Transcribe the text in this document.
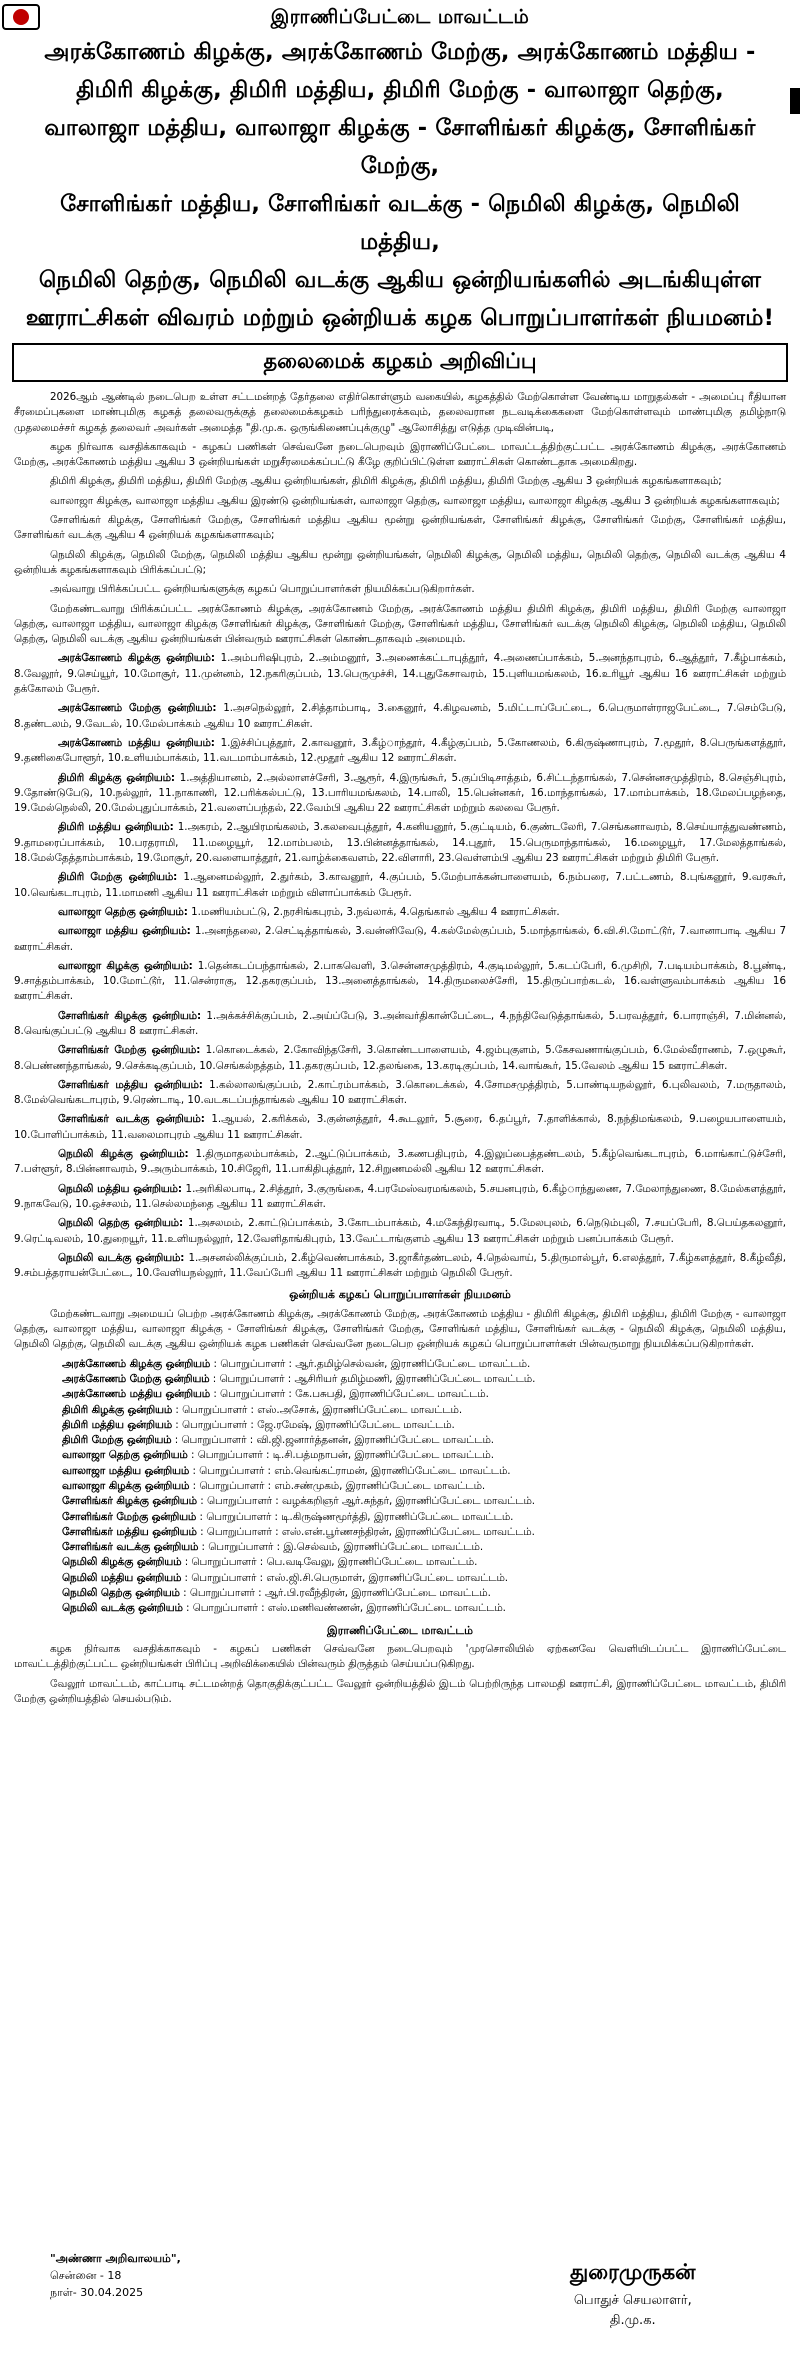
இராணிப்பேட்டை மாவட்டம்
அரக்கோணம் கிழக்கு, அரக்கோணம் மேற்கு, அரக்கோணம் மத்திய -
திமிரி கிழக்கு, திமிரி மத்திய, திமிரி மேற்கு - வாலாஜா தெற்கு,
வாலாஜா மத்திய, வாலாஜா கிழக்கு - சோளிங்கர் கிழக்கு, சோளிங்கர் மேற்கு,
சோளிங்கர் மத்திய, சோளிங்கர் வடக்கு - நெமிலி கிழக்கு, நெமிலி மத்திய,
நெமிலி தெற்கு, நெமிலி வடக்கு ஆகிய ஒன்றியங்களில் அடங்கியுள்ள
ஊராட்சிகள் விவரம் மற்றும் ஒன்றியக் கழக பொறுப்பாளர்கள் நியமனம்!
தலைமைக் கழகம் அறிவிப்பு

2026ஆம் ஆண்டில் நடைபெற உள்ள சட்டமன்றத் தேர்தலை எதிர்கொள்ளும் வகையில், கழகத்தில் மேற்கொள்ள வேண்டிய மாறுதல்கள் - அமைப்பு ரீதியான சீரமைப்புகளை மாண்புமிகு கழகத் தலைவருக்குத் தலைமைக்கழகம் பரிந்துரைக்கவும், தலைவரான நடவடிக்கைகளை மேற்கொள்ளவும் மாண்புமிகு தமிழ்நாடு முதலமைச்சர் கழகத் தலைவர் அவர்கள் அமைத்த "தி.மு.க. ஒருங்கிணைப்புக்குழு" ஆலோசித்து எடுத்த முடிவின்படி,

கழக நிர்வாக வசதிக்காகவும் - கழகப் பணிகள் செவ்வனே நடைபெறவும் இராணிப்பேட்டை மாவட்டத்திற்குட்பட்ட அரக்கோணம் கிழக்கு, அரக்கோணம் மேற்கு, அரக்கோணம் மத்திய ஆகிய 3 ஒன்றியங்கள் மறுசீரமைக்கப்பட்டு கீழே குறிப்பிட்டுள்ள ஊராட்சிகள் கொண்டதாக அமைகிறது.

திமிரி கிழக்கு, திமிரி மத்திய, திமிரி மேற்கு ஆகிய ஒன்றியங்கள், திமிரி கிழக்கு, திமிரி மத்திய, திமிரி மேற்கு ஆகிய 3 ஒன்றியக் கழகங்களாகவும்;

வாலாஜா கிழக்கு, வாலாஜா மத்திய ஆகிய இரண்டு ஒன்றியங்கள், வாலாஜா தெற்கு, வாலாஜா மத்திய, வாலாஜா கிழக்கு ஆகிய 3 ஒன்றியக் கழகங்களாகவும்;

சோளிங்கர் கிழக்கு, சோளிங்கர் மேற்கு, சோளிங்கர் மத்திய ஆகிய மூன்று ஒன்றியங்கள், சோளிங்கர் கிழக்கு, சோளிங்கர் மேற்கு, சோளிங்கர் மத்திய, சோளிங்கர் வடக்கு ஆகிய 4 ஒன்றியக் கழகங்களாகவும்;

நெமிலி கிழக்கு, நெமிலி மேற்கு, நெமிலி மத்திய ஆகிய மூன்று ஒன்றியங்கள், நெமிலி கிழக்கு, நெமிலி மத்திய, நெமிலி தெற்கு, நெமிலி வடக்கு ஆகிய 4 ஒன்றியக் கழகங்களாகவும் பிரிக்கப்பட்டு;

அவ்வாறு பிரிக்கப்பட்ட ஒன்றியங்களுக்கு கழகப் பொறுப்பாளர்கள் நியமிக்கப்படுகிறார்கள்.

மேற்கண்டவாறு பிரிக்கப்பட்ட அரக்கோணம் கிழக்கு, அரக்கோணம் மேற்கு, அரக்கோணம் மத்திய திமிரி கிழக்கு, திமிரி மத்திய, திமிரி மேற்கு வாலாஜா தெற்கு, வாலாஜா மத்திய, வாலாஜா கிழக்கு சோளிங்கர் கிழக்கு, சோளிங்கர் மேற்கு, சோளிங்கர் மத்திய, சோளிங்கர் வடக்கு நெமிலி கிழக்கு, நெமிலி மத்திய, நெமிலி தெற்கு, நெமிலி வடக்கு ஆகிய ஒன்றியங்கள் பின்வரும் ஊராட்சிகள் கொண்டதாகவும் அமையும்.

அரக்கோணம் கிழக்கு ஒன்றியம்: 1.அம்பரிஷிபுரம், 2.அம்மனூர், 3.அணைக்கட்டாபுத்தூர், 4.அணைப்பாக்கம், 5.அனந்தாபுரம், 6.ஆத்தூர், 7.கீழ்பாக்கம், 8.வேலூர், 9.செய்யூர், 10.மோசூர், 11.முன்னம், 12.நகரிகுப்பம், 13.பெருமுச்சி, 14.புதுகேசாவரம், 15.புளியமங்கலம், 16.உரியூர் ஆகிய 16 ஊராட்சிகள் மற்றும் தக்கோலம் பேரூர்.

அரக்கோணம் மேற்கு ஒன்றியம்: 1.அசநெல்லூர், 2.சித்தாம்பாடி, 3.கைனூர், 4.கிழவனம், 5.மிட்டாப்பேட்டை, 6.பெருமாள்ராஜபேட்டை, 7.செம்பேடு, 8.தண்டலம், 9.வேடல், 10.மேல்பாக்கம் ஆகிய 10 ஊராட்சிகள்.

அரக்கோணம் மத்திய ஒன்றியம்: 1.இச்சிப்புத்தூர், 2.காவனூர், 3.கீழ்ாந்தூர், 4.கீழ்குப்பம், 5.கோணலம், 6.கிருஷ்ணாபுரம், 7.மூதூர், 8.பெருங்களத்தூர், 9.தணிகைபோளூர், 10.உளியம்பாக்கம், 11.வடமாம்பாக்கம், 12.மூதூர் ஆகிய 12 ஊராட்சிகள்.

திமிரி கிழக்கு ஒன்றியம்: 1.அத்தியானம், 2.அல்லாளச்சேரி, 3.ஆரூர், 4.இருங்கூர், 5.குப்பிடிசாத்தம், 6.சிட்டந்தாங்கல், 7.சென்னசமுத்திரம், 8.செஞ்சிபுரம், 9.தோண்டுபேடு, 10.நல்லூர், 11.நாகாணி, 12.பரிக்கல்பட்டு, 13.பாரியமங்கலம், 14.பாலி, 15.பென்னகர், 16.மாந்தாங்கல், 17.மாம்பாக்கம், 18.மேலப்பழந்தை, 19.மேல்நெல்லி, 20.மேல்புதுப்பாக்கம், 21.வளைப்பந்தல், 22.வேம்பி ஆகிய 22 ஊராட்சிகள் மற்றும் கலவை பேரூர்.

திமிரி மத்திய ஒன்றியம்: 1.அகரம், 2.ஆயிரமங்கலம், 3.கலவைபுத்தூர், 4.கனியனூர், 5.குட்டியம், 6.குண்டலேரி, 7.செங்கனாவரம், 8.செய்யாத்துவண்ணம், 9.தாமரைப்பாக்கம், 10.பரதராமி, 11.மழையூர், 12.மாம்பலம், 13.பின்னத்தாங்கல், 14.புதூர், 15.பெருமாந்தாங்கல், 16.மழையூர், 17.மேலத்தாங்கல், 18.மேல்தேத்தாம்பாக்கம், 19.மோசூர், 20.வளையாத்தூர், 21.வாழ்க்கைவளம், 22.விளாரி, 23.வெள்ளம்பி ஆகிய 23 ஊராட்சிகள் மற்றும் திமிரி பேரூர்.

திமிரி மேற்கு ஒன்றியம்: 1.ஆனைமல்லூர், 2.துர்கம், 3.காவனூர், 4.குப்பம், 5.மேற்பாக்கன்பாளையம், 6.நம்பரை, 7.பட்டணம், 8.புங்கனூர், 9.வரகூர், 10.வெங்கடாபுரம், 11.மாமணி ஆகிய 11 ஊராட்சிகள் மற்றும் விளாப்பாக்கம் பேரூர்.

வாலாஜா தெற்கு ஒன்றியம்: 1.மணியம்பட்டு, 2.நரசிங்கபுரம், 3.நவ்லாக், 4.தெங்கால் ஆகிய 4 ஊராட்சிகள்.

வாலாஜா மத்திய ஒன்றியம்: 1.அனந்தலை, 2.செட்டித்தாங்கல், 3.வன்னிவேடு, 4.கல்மேல்குப்பம், 5.மாந்தாங்கல், 6.வி.சி.மோட்டூர், 7.வானாபாடி ஆகிய 7 ஊராட்சிகள்.

வாலாஜா கிழக்கு ஒன்றியம்: 1.தென்கடப்பந்தாங்கல், 2.பாகவெளி, 3.சென்னசமுத்திரம், 4.குடிமல்லூர், 5.கடப்பேரி, 6.முசிறி, 7.படியம்பாக்கம், 8.பூண்டி, 9.சாத்தம்பாக்கம், 10.மோட்டூர், 11.சென்ராகு, 12.தகரகுப்பம், 13.அனைத்தாங்கல், 14.திருமலைச்சேரி, 15.திருப்பாற்கடல், 16.வள்ளுவம்பாக்கம் ஆகிய 16 ஊராட்சிகள்.

சோளிங்கர் கிழக்கு ஒன்றியம்: 1.அக்கச்சிக்குப்பம், 2.அய்ப்பேடு, 3.அன்வர்திகான்பேட்டை, 4.நந்திவேடுத்தாங்கல், 5.பரவத்தூர், 6.பாராஞ்சி, 7.மின்னல், 8.வெங்குப்பட்டு ஆகிய 8 ஊராட்சிகள்.

சோளிங்கர் மேற்கு ஒன்றியம்: 1.கொடைக்கல், 2.கோவிந்தசேரி, 3.கொண்டபாளையம், 4.ஜம்புகுளம், 5.கேசவணாங்குப்பம், 6.மேல்வீராணம், 7.ஒழுகூர், 8.பெண்ணந்தாங்கல், 9.செக்கடிகுப்பம், 10.செங்கல்நத்தம், 11.தகரகுப்பம், 12.தலங்கை, 13.கரடிகுப்பம், 14.வாங்கூர், 15.வேலம் ஆகிய 15 ஊராட்சிகள்.

சோளிங்கர் மத்திய ஒன்றியம்: 1.கல்லாலங்குப்பம், 2.காட்ரம்பாக்கம், 3.கொடைக்கல், 4.சோமசமுத்திரம், 5.பாண்டியநல்லூர், 6.புலிவலம், 7.மருதாலம், 8.மேல்வெங்கடாபுரம், 9.ரெண்டாடி, 10.வடகடப்பந்தாங்கல் ஆகிய 10 ஊராட்சிகள்.

சோளிங்கர் வடக்கு ஒன்றியம்: 1.ஆயல், 2.கரிக்கல், 3.குன்னத்தூர், 4.கூடலூர், 5.சூரை, 6.தப்பூர், 7.தாளிக்கால், 8.நந்திமங்கலம், 9.பழையபாளையம், 10.போளிப்பாக்கம், 11.வலைமாபுரம் ஆகிய 11 ஊராட்சிகள்.

நெமிலி கிழக்கு ஒன்றியம்: 1.திருமாதலம்பாக்கம், 2.ஆட்டுப்பாக்கம், 3.கணபதிபுரம், 4.இலுப்பைத்தண்டலம், 5.கீழ்வெங்கடாபுரம், 6.மாங்காட்டுச்சேரி, 7.பள்ளூர், 8.பின்னாவரம், 9.அரும்பாக்கம், 10.சிஜேரி, 11.பாகிதிபுத்தூர், 12.சிறுணமல்லி ஆகிய 12 ஊராட்சிகள்.

நெமிலி மத்திய ஒன்றியம்: 1.அரிகிலபாடி, 2.சித்தூர், 3.குருங்கை, 4.பரமேஸ்வரமங்கலம், 5.சயனபுரம், 6.கீழ்ாந்துணை, 7.மேலாந்துணை, 8.மேல்களத்தூர், 9.நாகவேடு, 10.ஒச்சலம், 11.செல்லமந்தை ஆகிய 11 ஊராட்சிகள்.

நெமிலி தெற்கு ஒன்றியம்: 1.அசலமம், 2.காட்டுப்பாக்கம், 3.கோடம்பாக்கம், 4.மகேந்திரவாடி, 5.மேலபுலம், 6.நெடும்புலி, 7.சயப்பேரி, 8.பெய்தகலனூர், 9.ரெட்டிவலம், 10.துறையூர், 11.உளியநல்லூர், 12.வேளிதாங்கிபுரம், 13.வேட்டாங்குளம் ஆகிய 13 ஊராட்சிகள் மற்றும் பனப்பாக்கம் பேரூர்.

நெமிலி வடக்கு ஒன்றியம்: 1.அசனல்லிக்குப்பம், 2.கீழ்வெண்பாக்கம், 3.ஜாகீர்தண்டலம், 4.நெல்வாய், 5.திருமால்பூர், 6.எலத்தூர், 7.கீழ்களத்தூர், 8.கீழ்வீதி, 9.சம்பத்தராயன்பேட்டை, 10.வேளியநல்லூர், 11.வேப்பேரி ஆகிய 11 ஊராட்சிகள் மற்றும் நெமிலி பேரூர்.

ஒன்றியக் கழகப் பொறுப்பாளர்கள் நியமனம்

மேற்கண்டவாறு அமையப் பெற்ற அரக்கோணம் கிழக்கு, அரக்கோணம் மேற்கு, அரக்கோணம் மத்திய - திமிரி கிழக்கு, திமிரி மத்திய, திமிரி மேற்கு - வாலாஜா தெற்கு, வாலாஜா மத்திய, வாலாஜா கிழக்கு - சோளிங்கர் கிழக்கு, சோளிங்கர் மேற்கு, சோளிங்கர் மத்திய, சோளிங்கர் வடக்கு - நெமிலி கிழக்கு, நெமிலி மத்திய, நெமிலி தெற்கு, நெமிலி வடக்கு ஆகிய ஒன்றியக் கழக பணிகள் செவ்வனே நடைபெற ஒன்றியக் கழகப் பொறுப்பாளர்கள் பின்வருமாறு நியமிக்கப்படுகிறார்கள்.

அரக்கோணம் கிழக்கு ஒன்றியம் : பொறுப்பாளர் : ஆர்.தமிழ்செல்வன், இராணிப்பேட்டை மாவட்டம்.
அரக்கோணம் மேற்கு ஒன்றியம் : பொறுப்பாளர் : ஆசிரியர் தமிழ்மணி, இராணிப்பேட்டை மாவட்டம்.
அரக்கோணம் மத்திய ஒன்றியம் : பொறுப்பாளர் : கே.பசுபதி, இராணிப்பேட்டை மாவட்டம்.
திமிரி கிழக்கு ஒன்றியம் : பொறுப்பாளர் : எஸ்.அசோக், இராணிப்பேட்டை மாவட்டம்.
திமிரி மத்திய ஒன்றியம் : பொறுப்பாளர் : ஜே.ரமேஷ், இராணிப்பேட்டை மாவட்டம்.
திமிரி மேற்கு ஒன்றியம் : பொறுப்பாளர் : வி.ஜி.ஜனார்த்தனன், இராணிப்பேட்டை மாவட்டம்.
வாலாஜா தெற்கு ஒன்றியம் : பொறுப்பாளர் : டி.சி.பத்மநாபன், இராணிப்பேட்டை மாவட்டம்.
வாலாஜா மத்திய ஒன்றியம் : பொறுப்பாளர் : எம்.வெங்கட்ராமன், இராணிப்பேட்டை மாவட்டம்.
வாலாஜா கிழக்கு ஒன்றியம் : பொறுப்பாளர் : எம்.சண்முகம், இராணிப்பேட்டை மாவட்டம்.
சோளிங்கர் கிழக்கு ஒன்றியம் : பொறுப்பாளர் : வழக்கறிஞர் ஆர்.சுந்தர், இராணிப்பேட்டை மாவட்டம்.
சோளிங்கர் மேற்கு ஒன்றியம் : பொறுப்பாளர் : டி.கிருஷ்ணமூர்த்தி, இராணிப்பேட்டை மாவட்டம்.
சோளிங்கர் மத்திய ஒன்றியம் : பொறுப்பாளர் : எஸ்.என்.பூர்ணசந்திரன், இராணிப்பேட்டை மாவட்டம்.
சோளிங்கர் வடக்கு ஒன்றியம் : பொறுப்பாளர் : இ.செல்வம், இராணிப்பேட்டை மாவட்டம்.
நெமிலி கிழக்கு ஒன்றியம் : பொறுப்பாளர் : பெ.வடிவேலு, இராணிப்பேட்டை மாவட்டம்.
நெமிலி மத்திய ஒன்றியம் : பொறுப்பாளர் : எஸ்.ஜி.சி.பெருமாள், இராணிப்பேட்டை மாவட்டம்.
நெமிலி தெற்கு ஒன்றியம் : பொறுப்பாளர் : ஆர்.பி.ரவீந்திரன், இராணிப்பேட்டை மாவட்டம்.
நெமிலி வடக்கு ஒன்றியம் : பொறுப்பாளர் : எஸ்.மணிவண்ணன், இராணிப்பேட்டை மாவட்டம்.
இராணிப்பேட்டை மாவட்டம்

கழக நிர்வாக வசதிக்காகவும் - கழகப் பணிகள் செவ்வனே நடைபெறவும் 'முரசொலியில் ஏற்கனவே வெளியிடப்பட்ட இராணிப்பேட்டை மாவட்டத்திற்குட்பட்ட ஒன்றியங்கள் பிரிப்பு அறிவிக்கையில் பின்வரும் திருத்தம் செய்யப்படுகிறது.

வேலூர் மாவட்டம், காட்பாடி சட்டமன்றத் தொகுதிக்குட்பட்ட வேலூர் ஒன்றியத்தில் இடம் பெற்றிருந்த பாலமதி ஊராட்சி, இராணிப்பேட்டை மாவட்டம், திமிரி மேற்கு ஒன்றியத்தில் செயல்படும்.

"அண்ணா அறிவாலயம்",
சென்னை - 18
நாள்- 30.04.2025
துரைமுருகன்
பொதுச் செயலாளர்,
தி.மு.க.
